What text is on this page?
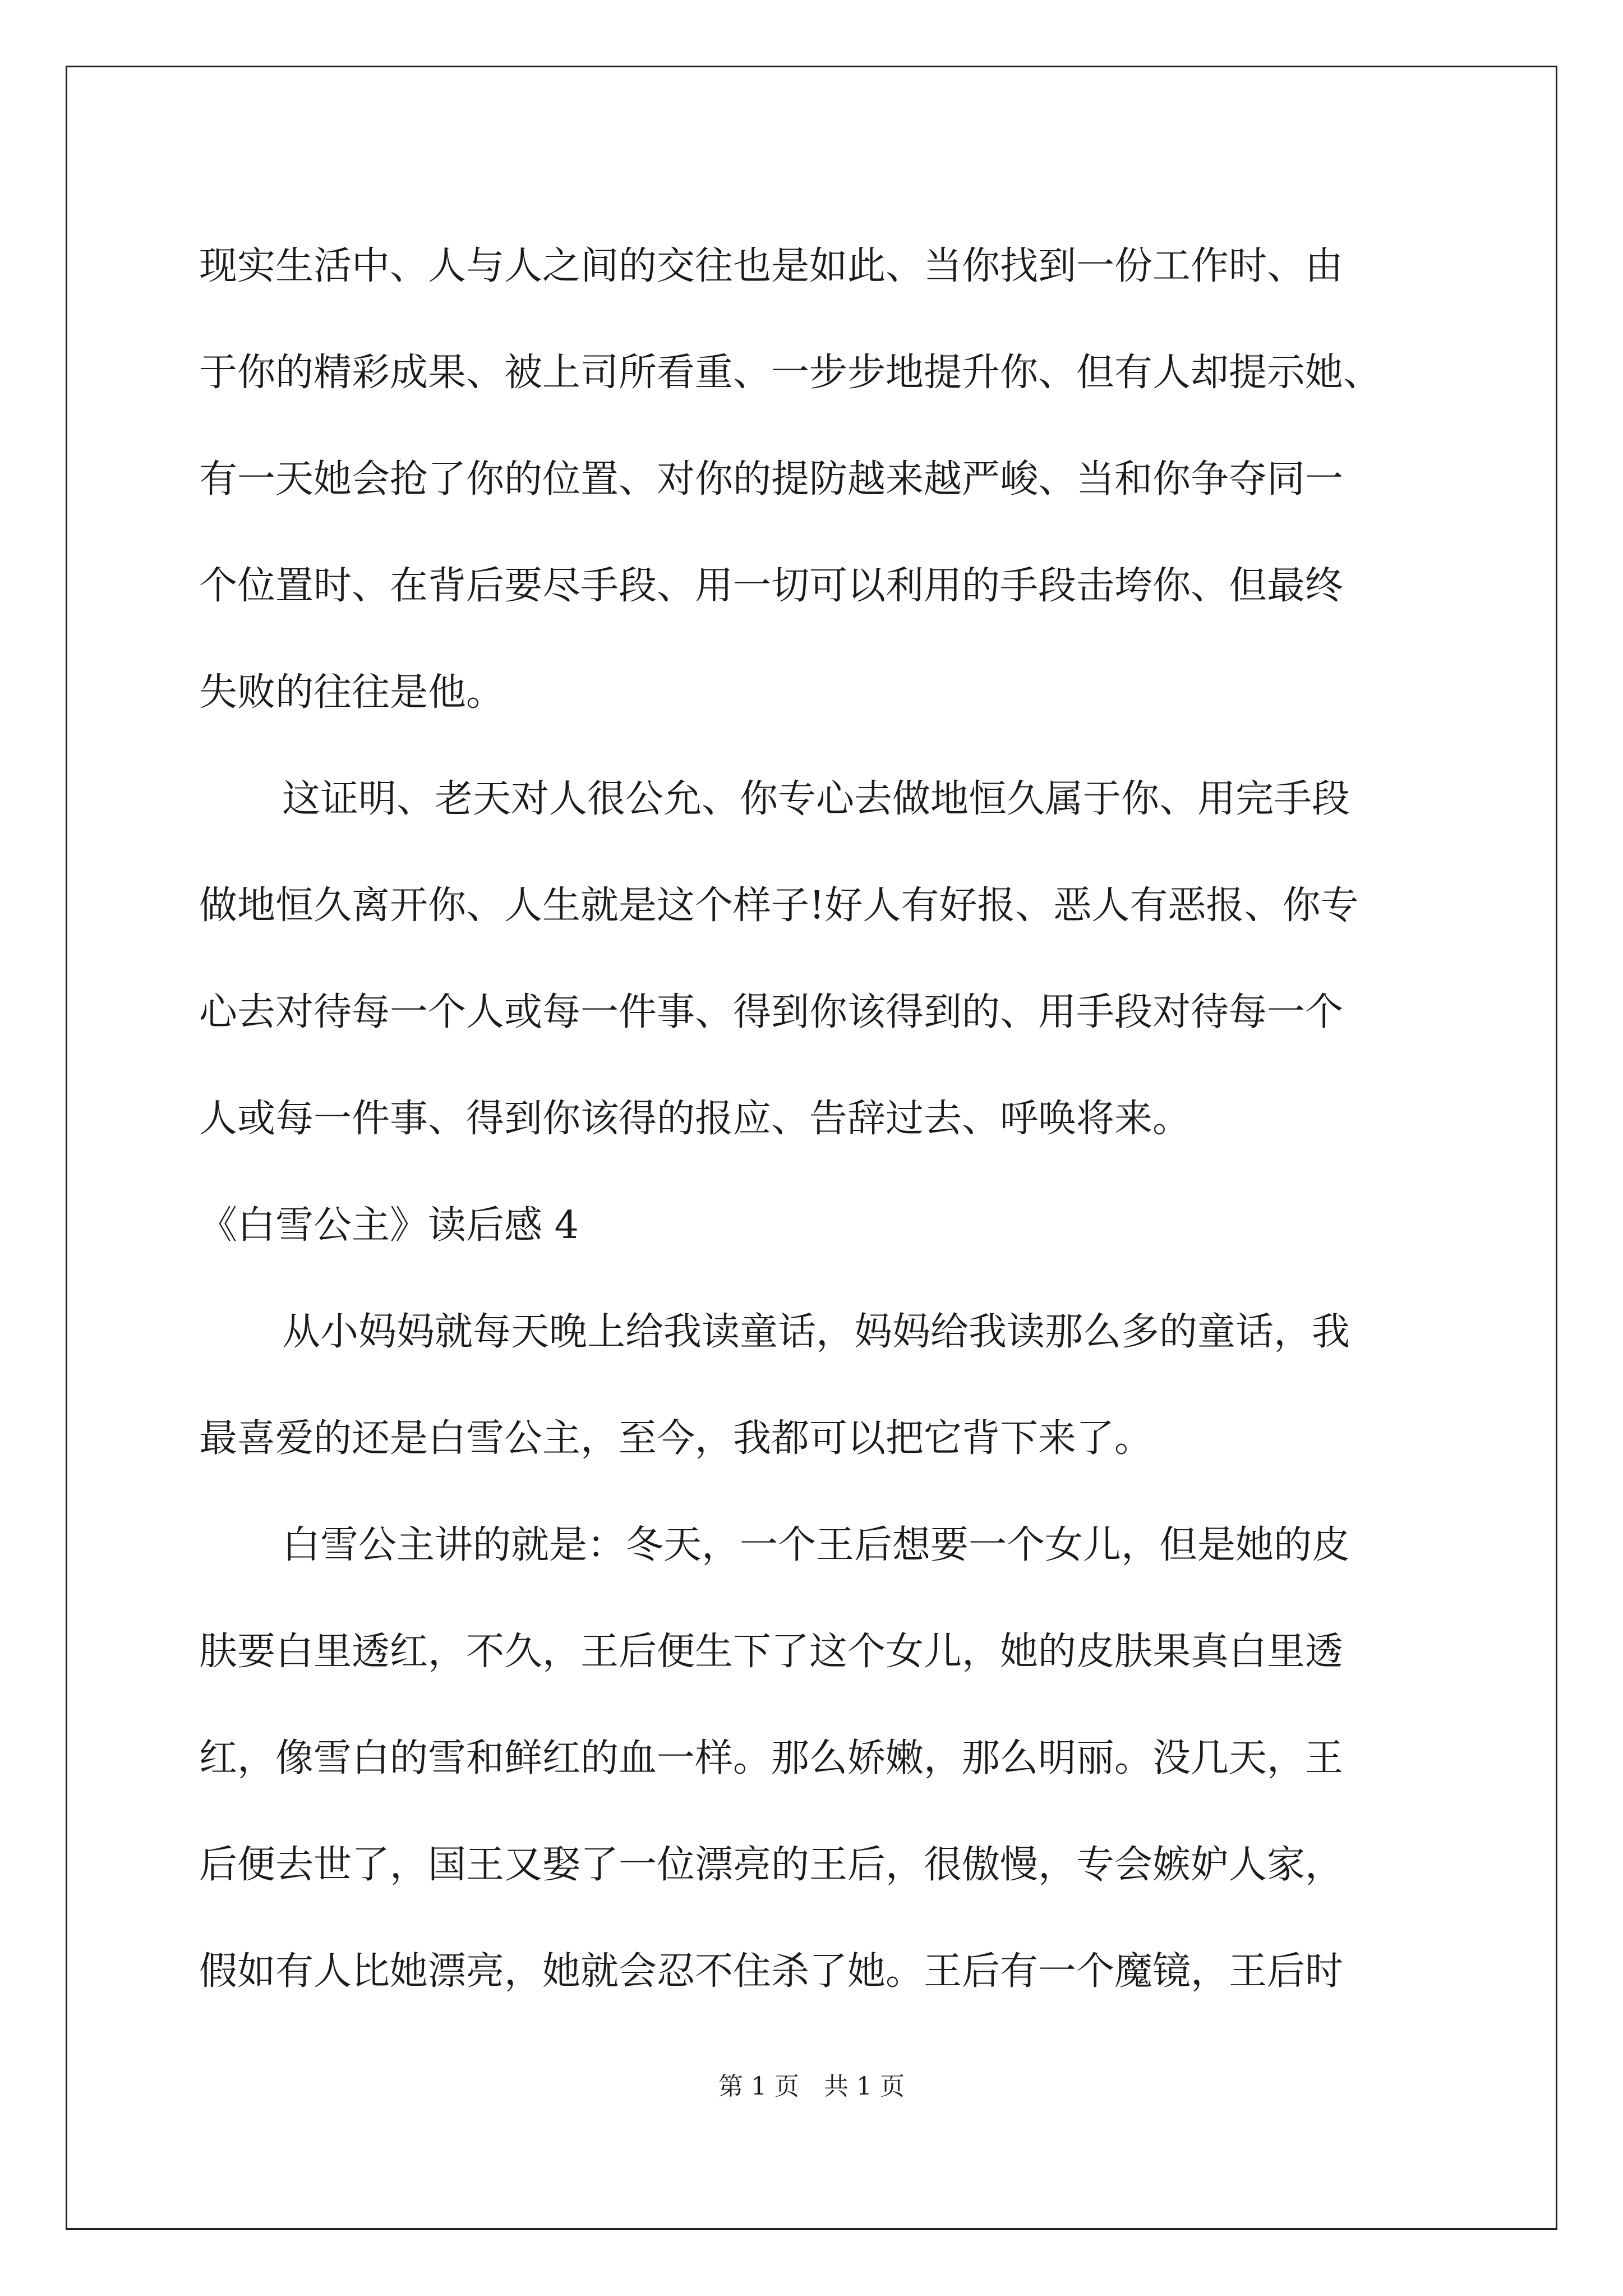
现实生活中、人与人之间的交往也是如此、当你找到一份工作时、由
于你的精彩成果、被上司所看重、一步步地提升你、但有人却提示她、
有一天她会抢了你的位置、对你的提防越来越严峻、当和你争夺同一
个位置时、在背后要尽手段、用一切可以利用的手段击垮你、但最终
失败的往往是他。
这证明、老天对人很公允、你专心去做地恒久属于你、用完手段
做地恒久离开你、人生就是这个样子!好人有好报、恶人有恶报、你专
心去对待每一个人或每一件事、得到你该得到的、用手段对待每一个
人或每一件事、得到你该得的报应、告辞过去、呼唤将来。
《白雪公主》读后感 4
从小妈妈就每天晚上给我读童话，妈妈给我读那么多的童话，我
最喜爱的还是白雪公主，至今，我都可以把它背下来了。
白雪公主讲的就是：冬天，一个王后想要一个女儿，但是她的皮
肤要白里透红，不久，王后便生下了这个女儿，她的皮肤果真白里透
红，像雪白的雪和鲜红的血一样。那么娇嫩，那么明丽。没几天，王
后便去世了，国王又娶了一位漂亮的王后，很傲慢，专会嫉妒人家，
假如有人比她漂亮，她就会忍不住杀了她。王后有一个魔镜，王后时
第 1 页　共 1 页
